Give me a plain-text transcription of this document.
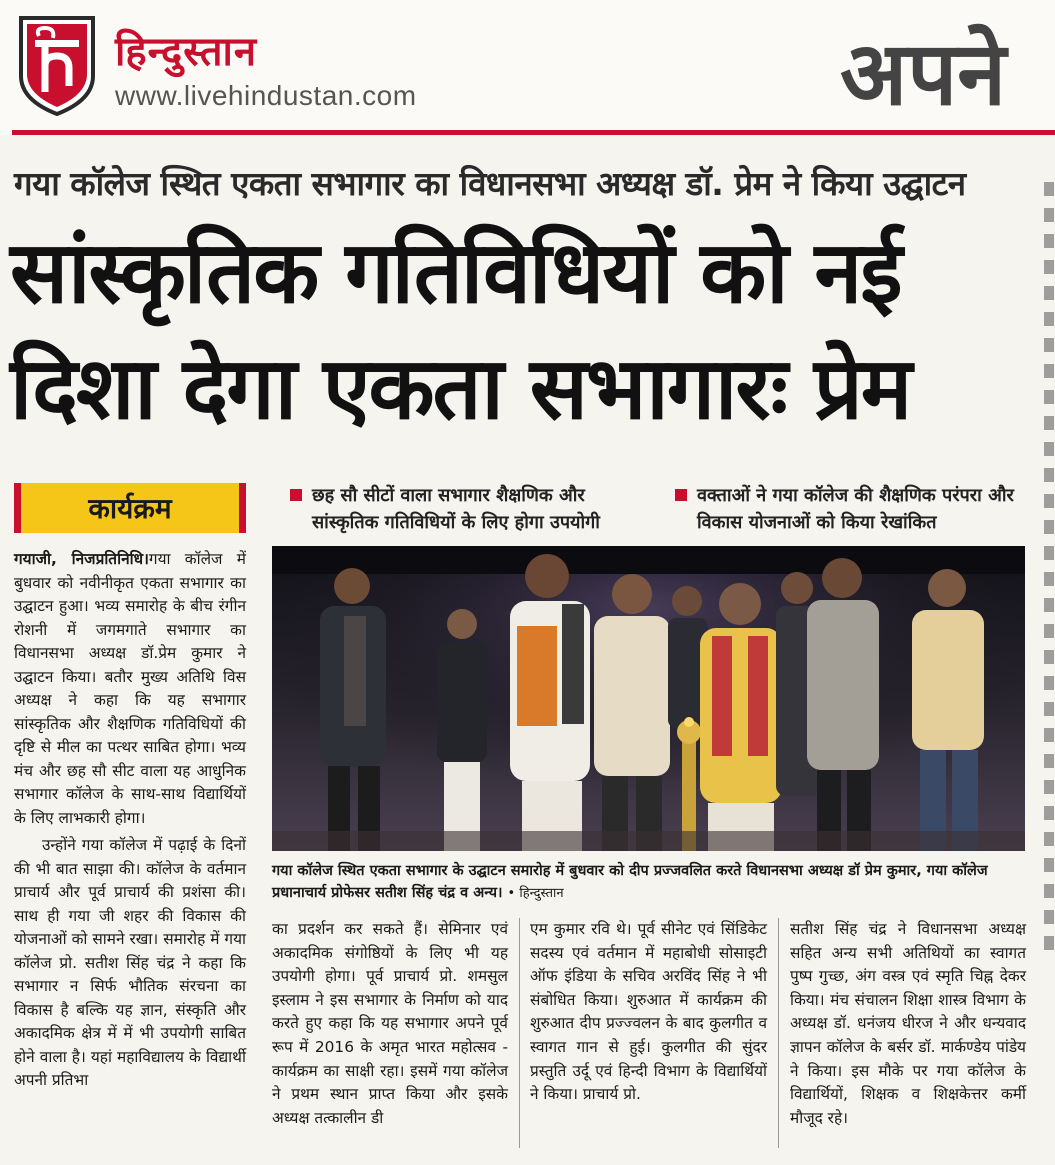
हिन्दुस्तान
www.livehindustan.com	अपने
गया कॉलेज स्थित एकता सभागार का विधानसभा अध्यक्ष डॉ. प्रेम ने किया उद्घाटन
सांस्कृतिक गतिविधियों को नई
दिशा देगा एकता सभागारः प्रेम
कार्यक्रम

गयाजी, निजप्रतिनिधि।गया कॉलेज में बुधवार को नवीनीकृत एकता सभागार का उद्घाटन हुआ। भव्य समारोह के बीच रंगीन रोशनी में जगमगाते सभागार का विधानसभा अध्यक्ष डॉ.प्रेम कुमार ने उद्घाटन किया। बतौर मुख्य अतिथि विस अध्यक्ष ने कहा कि यह सभागार सांस्कृतिक और शैक्षणिक गतिविधियों की दृष्टि से मील का पत्थर साबित होगा। भव्य मंच और छह सौ सीट वाला यह आधुनिक सभागार कॉलेज के साथ-साथ विद्यार्थियों के लिए लाभकारी होगा।

उन्होंने गया कॉलेज में पढ़ाई के दिनों की भी बात साझा की। कॉलेज के वर्तमान प्राचार्य और पूर्व प्राचार्य की प्रशंसा की। साथ ही गया जी शहर की विकास की योजनाओं को सामने रखा। समारोह में गया कॉलेज प्रो. सतीश सिंह चंद्र ने कहा कि सभागार न सिर्फ भौतिक संरचना का विकास है बल्कि यह ज्ञान, संस्कृति और अकादमिक क्षेत्र में में भी उपयोगी साबित होने वाला है। यहां महाविद्यालय के विद्यार्थी अपनी प्रतिभा

छह सौ सीटों वाला सभागार शैक्षणिक और सांस्कृतिक गतिविधियों के लिए होगा उपयोगी
वक्ताओं ने गया कॉलेज की शैक्षणिक परंपरा और विकास योजनाओं को किया रेखांकित
गया कॉलेज स्थित एकता सभागार के उद्घाटन समारोह में बुधवार को दीप प्रज्जवलित करते विधानसभा अध्यक्ष डॉ प्रेम कुमार, गया कॉलेज प्रधानाचार्य प्रोफेसर सतीश सिंह चंद्र व अन्य। • हिन्दुस्तान
का प्रदर्शन कर सकते हैं। सेमिनार एवं अकादमिक संगोष्ठियों के लिए भी यह उपयोगी होगा। पूर्व प्राचार्य प्रो. शमसुल इस्लाम ने इस सभागार के निर्माण को याद करते हुए कहा कि यह सभागार अपने पूर्व रूप में 2016 के अमृत भारत महोत्सव - कार्यक्रम का साक्षी रहा। इसमें गया कॉलेज ने प्रथम स्थान प्राप्त किया और इसके अध्यक्ष तत्कालीन डी
एम कुमार रवि थे। पूर्व सीनेट एवं सिंडिकेट सदस्य एवं वर्तमान में महाबोधी सोसाइटी ऑफ इंडिया के सचिव अरविंद सिंह ने भी संबोधित किया। शुरुआत में कार्यक्रम की शुरुआत दीप प्रज्ज्वलन के बाद कुलगीत व स्वागत गान से हुई। कुलगीत की सुंदर प्रस्तुति उर्दू एवं हिन्दी विभाग के विद्यार्थियों ने किया। प्राचार्य प्रो.
सतीश सिंह चंद्र ने विधानसभा अध्यक्ष सहित अन्य सभी अतिथियों का स्वागत पुष्प गुच्छ, अंग वस्त्र एवं स्मृति चिह्न देकर किया। मंच संचालन शिक्षा शास्त्र विभाग के अध्यक्ष डॉ. धनंजय धीरज ने और धन्यवाद ज्ञापन कॉलेज के बर्सर डॉ. मार्कण्डेय पांडेय ने किया। इस मौके पर गया कॉलेज के विद्यार्थियों, शिक्षक व शिक्षकेत्तर कर्मी मौजूद रहे।
